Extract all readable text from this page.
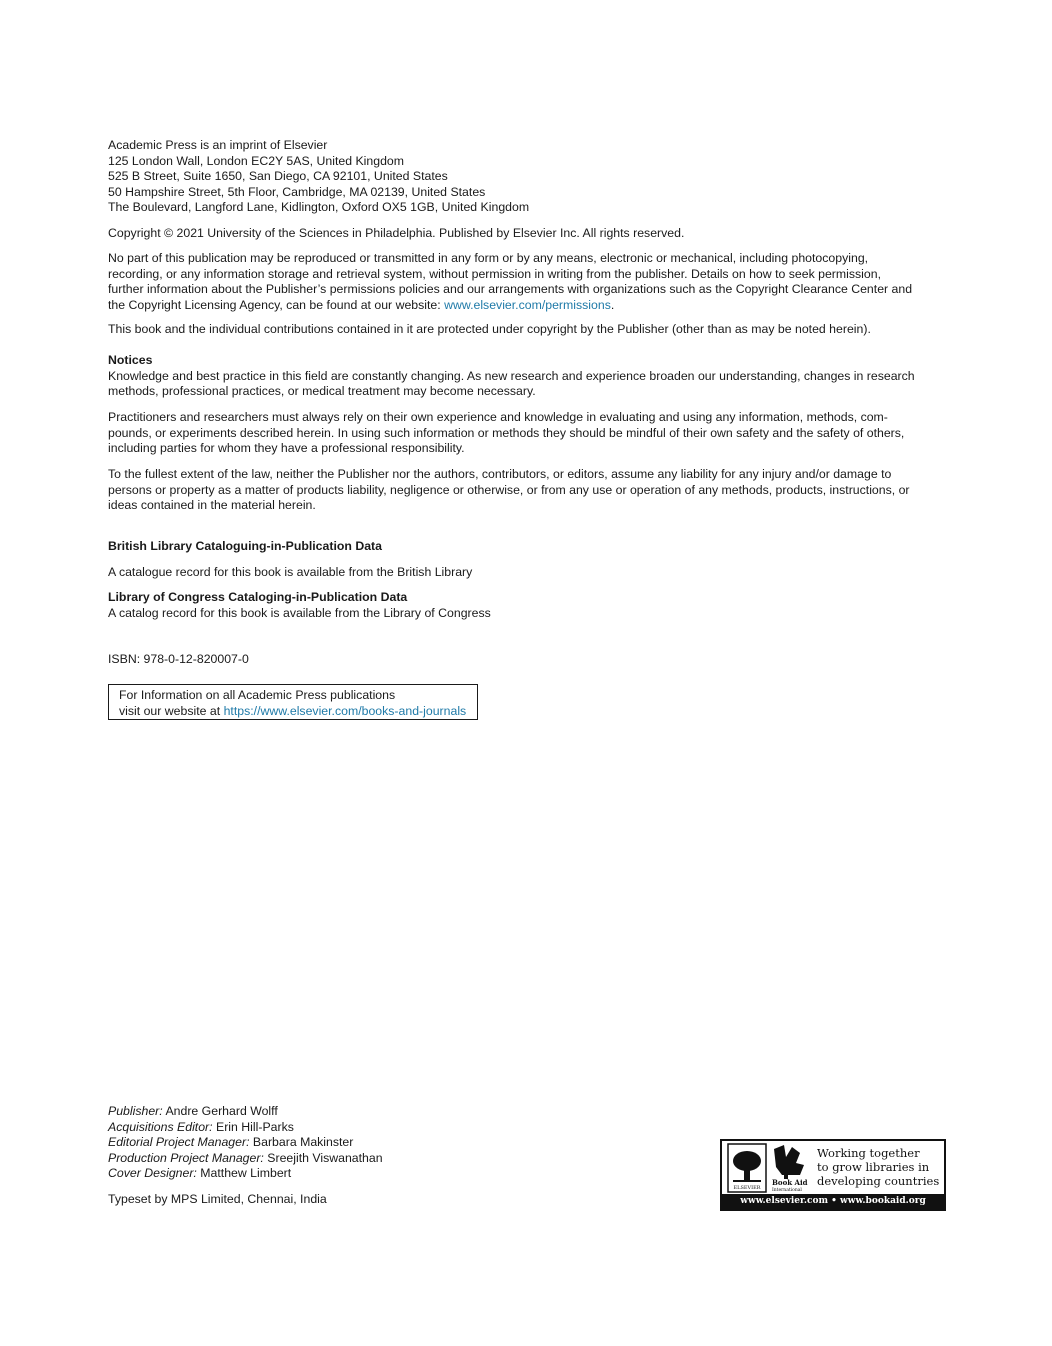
Academic Press is an imprint of Elsevier
125 London Wall, London EC2Y 5AS, United Kingdom
525 B Street, Suite 1650, San Diego, CA 92101, United States
50 Hampshire Street, 5th Floor, Cambridge, MA 02139, United States
The Boulevard, Langford Lane, Kidlington, Oxford OX5 1GB, United Kingdom
Copyright © 2021 University of the Sciences in Philadelphia. Published by Elsevier Inc. All rights reserved.
No part of this publication may be reproduced or transmitted in any form or by any means, electronic or mechanical, including photocopying,
recording, or any information storage and retrieval system, without permission in writing from the publisher. Details on how to seek permission,
further information about the Publisher’s permissions policies and our arrangements with organizations such as the Copyright Clearance Center and
the Copyright Licensing Agency, can be found at our website: www.elsevier.com/permissions.
This book and the individual contributions contained in it are protected under copyright by the Publisher (other than as may be noted herein).
Notices
Knowledge and best practice in this field are constantly changing. As new research and experience broaden our understanding, changes in research
methods, professional practices, or medical treatment may become necessary.
Practitioners and researchers must always rely on their own experience and knowledge in evaluating and using any information, methods, com-
pounds, or experiments described herein. In using such information or methods they should be mindful of their own safety and the safety of others,
including parties for whom they have a professional responsibility.
To the fullest extent of the law, neither the Publisher nor the authors, contributors, or editors, assume any liability for any injury and/or damage to
persons or property as a matter of products liability, negligence or otherwise, or from any use or operation of any methods, products, instructions, or
ideas contained in the material herein.
British Library Cataloguing-in-Publication Data
A catalogue record for this book is available from the British Library
Library of Congress Cataloging-in-Publication Data
A catalog record for this book is available from the Library of Congress
ISBN: 978-0-12-820007-0
For Information on all Academic Press publications
visit our website at https://www.elsevier.com/books-and-journals
Publisher: Andre Gerhard Wolff
Acquisitions Editor: Erin Hill-Parks
Editorial Project Manager: Barbara Makinster
Production Project Manager: Sreejith Viswanathan
Cover Designer: Matthew Limbert
Typeset by MPS Limited, Chennai, India
ELSEVIER
Book Aid
International
Working together
to grow libraries in
developing countries
www.elsevier.com • www.bookaid.org
